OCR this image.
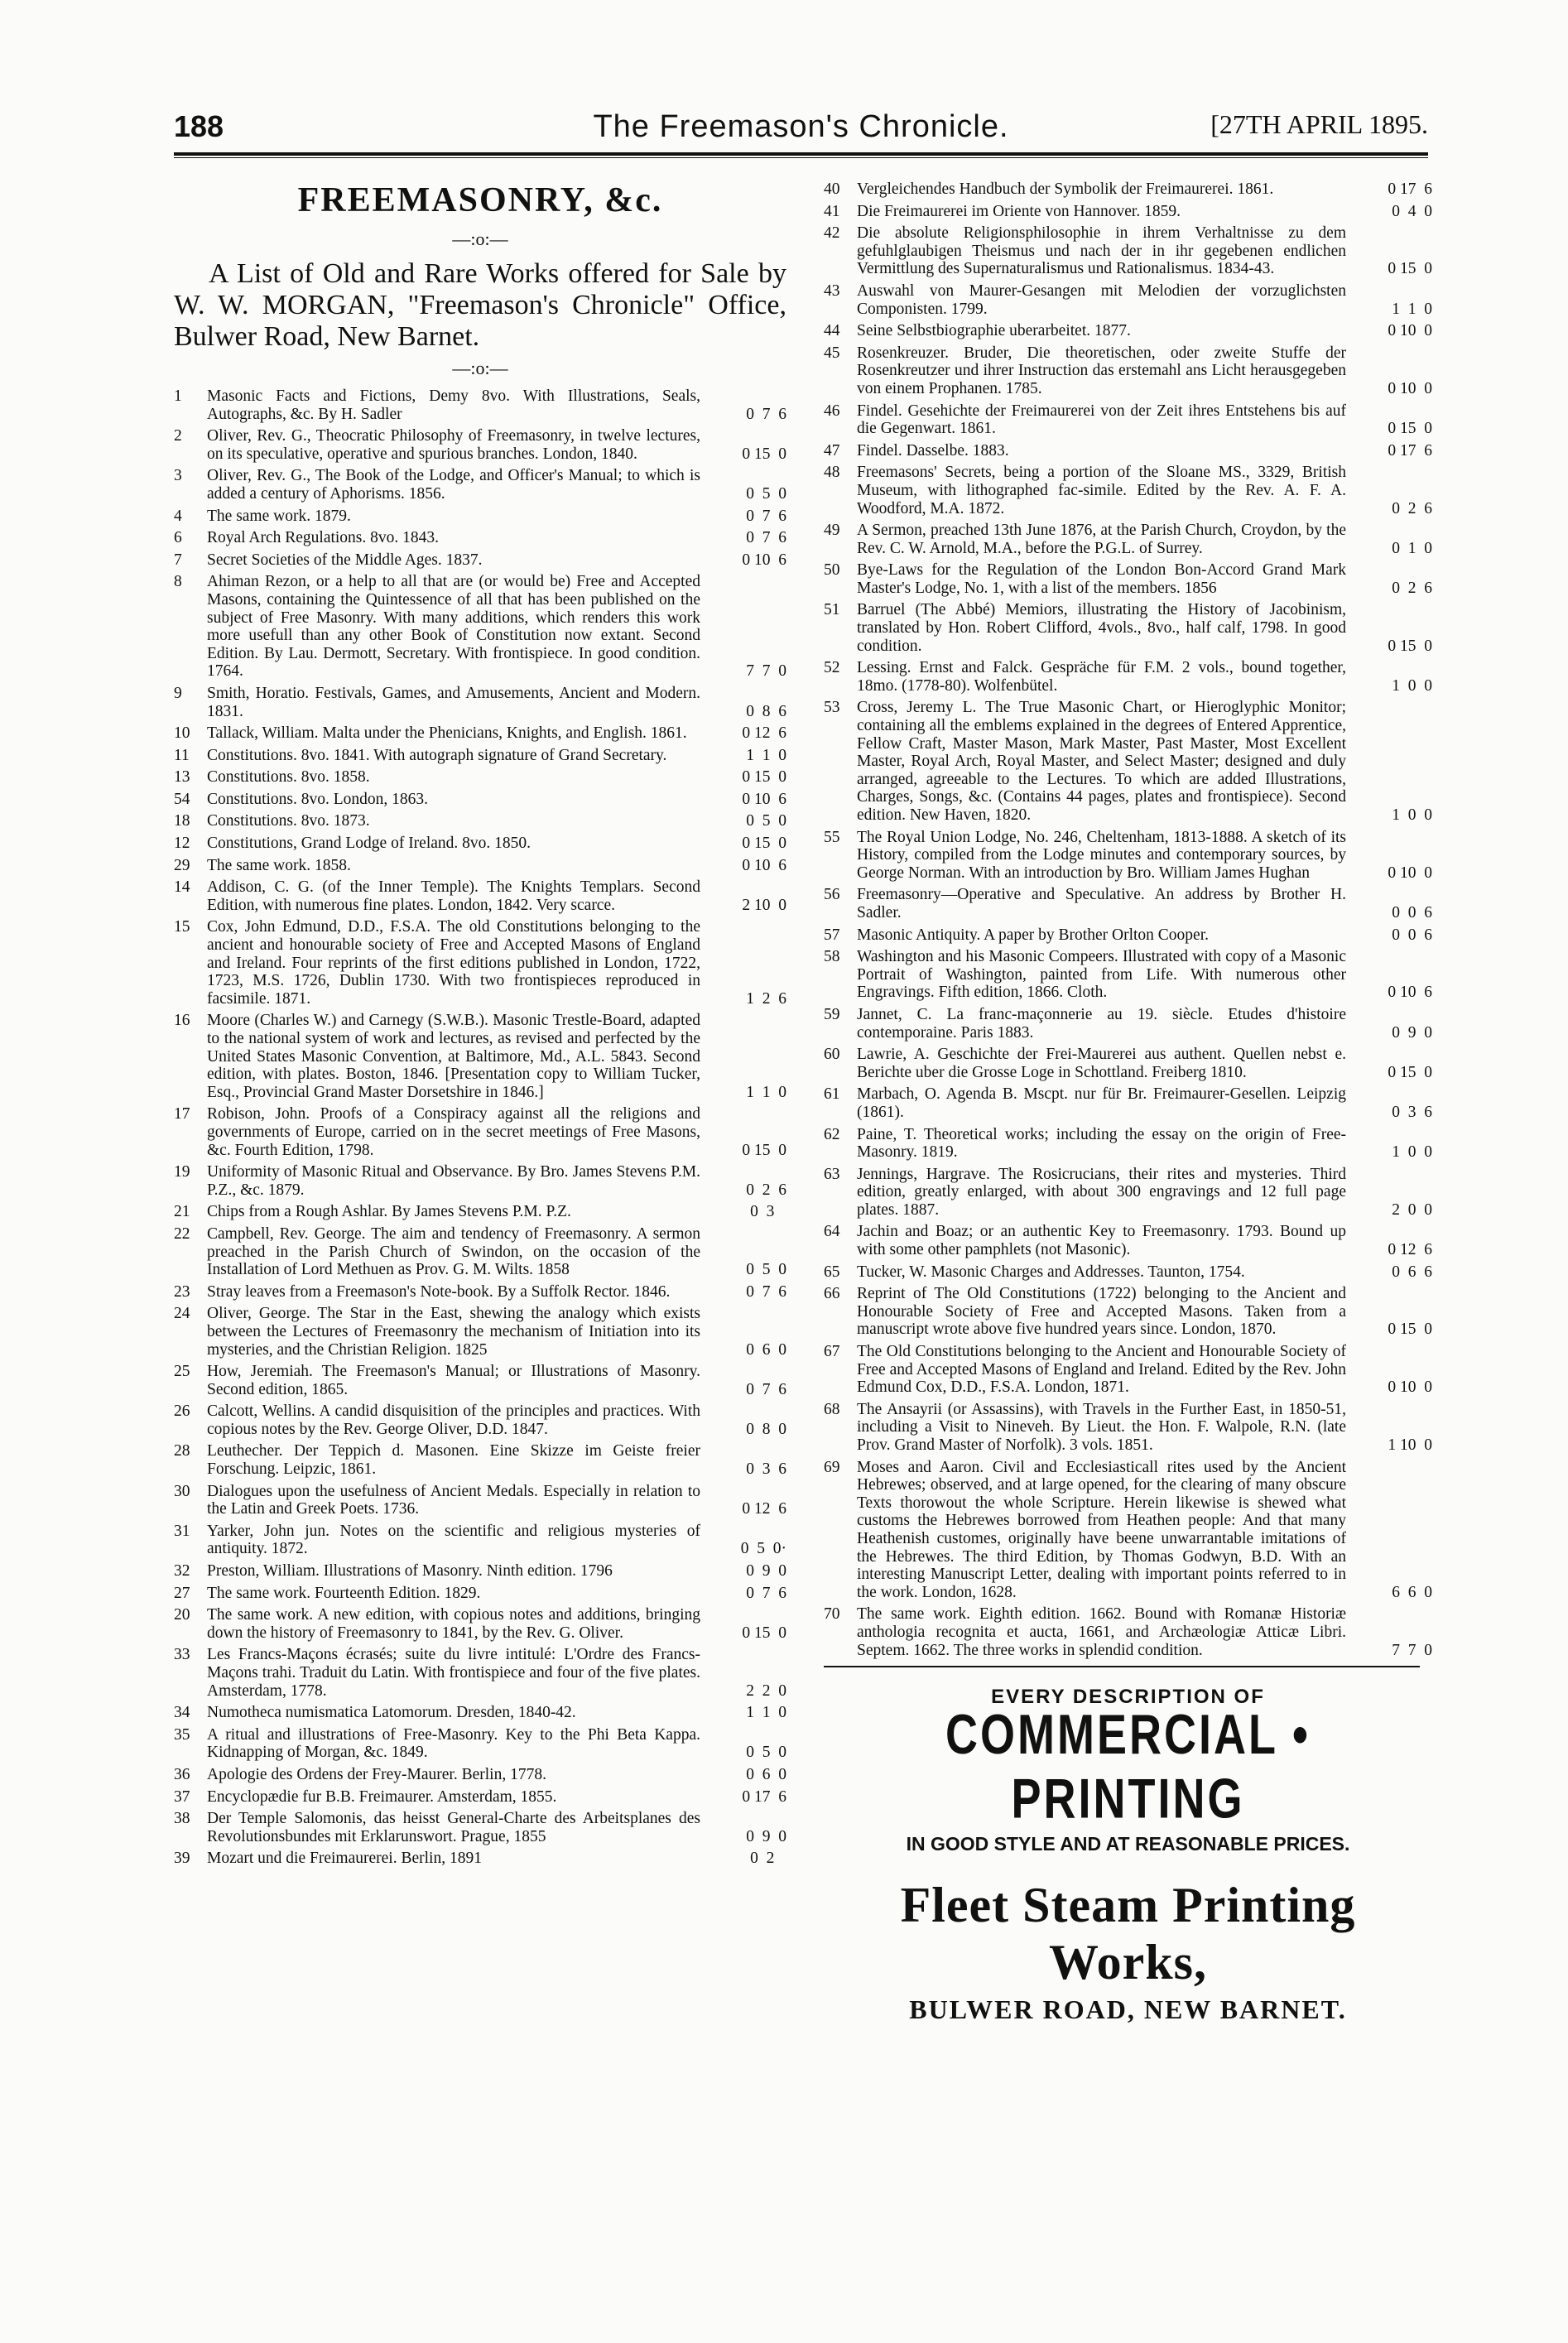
188	The Freemason's Chronicle.	[27TH APRIL 1895.
FREEMASONRY, &c.
—:o:—

A List of Old and Rare Works offered for Sale by W. W. MORGAN, "Freemason's Chronicle" Office, Bulwer Road, New Barnet.

—:o:—
1	Masonic Facts and Fictions, Demy 8vo. With Illustrations, Seals, Autographs, &c. By H. Sadler	0  7  6
2	Oliver, Rev. G., Theocratic Philosophy of Freemasonry, in twelve lectures, on its speculative, operative and spurious branches. London, 1840.	0 15  0
3	Oliver, Rev. G., The Book of the Lodge, and Officer's Manual; to which is added a century of Aphorisms. 1856.	0  5  0
4	The same work. 1879.	0  7  6
6	Royal Arch Regulations. 8vo. 1843.	0  7  6
7	Secret Societies of the Middle Ages. 1837.	0 10  6
8	Ahiman Rezon, or a help to all that are (or would be) Free and Accepted Masons, containing the Quintessence of all that has been published on the subject of Free Masonry. With many additions, which renders this work more usefull than any other Book of Constitution now extant. Second Edition. By Lau. Dermott, Secretary. With frontispiece. In good condition. 1764.	7  7  0
9	Smith, Horatio. Festivals, Games, and Amusements, Ancient and Modern. 1831.	0  8  6
10	Tallack, William. Malta under the Phenicians, Knights, and English. 1861.	0 12  6
11	Constitutions. 8vo. 1841. With autograph signature of Grand Secretary.	1  1  0
13	Constitutions. 8vo. 1858.	0 15  0
54	Constitutions. 8vo. London, 1863.	0 10  6
18	Constitutions. 8vo. 1873.	0  5  0
12	Constitutions, Grand Lodge of Ireland. 8vo. 1850.	0 15  0
29	The same work. 1858.	0 10  6
14	Addison, C. G. (of the Inner Temple). The Knights Templars. Second Edition, with numerous fine plates. London, 1842. Very scarce.	2 10  0
15	Cox, John Edmund, D.D., F.S.A. The old Constitutions belonging to the ancient and honourable society of Free and Accepted Masons of England and Ireland. Four reprints of the first editions published in London, 1722, 1723, M.S. 1726, Dublin 1730. With two frontispieces reproduced in facsimile. 1871.	1  2  6
16	Moore (Charles W.) and Carnegy (S.W.B.). Masonic Trestle-Board, adapted to the national system of work and lectures, as revised and perfected by the United States Masonic Convention, at Baltimore, Md., A.L. 5843. Second edition, with plates. Boston, 1846. [Presentation copy to William Tucker, Esq., Provincial Grand Master Dorsetshire in 1846.]	1  1  0
17	Robison, John. Proofs of a Conspiracy against all the religions and governments of Europe, carried on in the secret meetings of Free Masons, &c. Fourth Edition, 1798.	0 15  0
19	Uniformity of Masonic Ritual and Observance. By Bro. James Stevens P.M. P.Z., &c. 1879.	0  2  6
21	Chips from a Rough Ashlar. By James Stevens P.M. P.Z.	0  3
22	Campbell, Rev. George. The aim and tendency of Freemasonry. A sermon preached in the Parish Church of Swindon, on the occasion of the Installation of Lord Methuen as Prov. G. M. Wilts. 1858	0  5  0
23	Stray leaves from a Freemason's Note-book. By a Suffolk Rector. 1846.	0  7  6
24	Oliver, George. The Star in the East, shewing the analogy which exists between the Lectures of Freemasonry the mechanism of Initiation into its mysteries, and the Christian Religion. 1825	0  6  0
25	How, Jeremiah. The Freemason's Manual; or Illustrations of Masonry. Second edition, 1865.	0  7  6
26	Calcott, Wellins. A candid disquisition of the principles and practices. With copious notes by the Rev. George Oliver, D.D. 1847.	0  8  0
28	Leuthecher. Der Teppich d. Masonen. Eine Skizze im Geiste freier Forschung. Leipzic, 1861.	0  3  6
30	Dialogues upon the usefulness of Ancient Medals. Especially in relation to the Latin and Greek Poets. 1736.	0 12  6
31	Yarker, John jun. Notes on the scientific and religious mysteries of antiquity. 1872.	0  5  0·
32	Preston, William. Illustrations of Masonry. Ninth edition. 1796	0  9  0
27	The same work. Fourteenth Edition. 1829.	0  7  6
20	The same work. A new edition, with copious notes and additions, bringing down the history of Freemasonry to 1841, by the Rev. G. Oliver.	0 15  0
33	Les Francs-Maçons écrasés; suite du livre intitulé: L'Ordre des Francs-Maçons trahi. Traduit du Latin. With frontispiece and four of the five plates. Amsterdam, 1778.	2  2  0
34	Numotheca numismatica Latomorum. Dresden, 1840-42.	1  1  0
35	A ritual and illustrations of Free-Masonry. Key to the Phi Beta Kappa. Kidnapping of Morgan, &c. 1849.	0  5  0
36	Apologie des Ordens der Frey-Maurer. Berlin, 1778.	0  6  0
37	Encyclopædie fur B.B. Freimaurer. Amsterdam, 1855.	0 17  6
38	Der Temple Salomonis, das heisst General-Charte des Arbeitsplanes des Revolutionsbundes mit Erklarunswort. Prague, 1855	0  9  0
39	Mozart und die Freimaurerei. Berlin, 1891	0  2
40	Vergleichendes Handbuch der Symbolik der Freimaurerei. 1861.	0 17  6
41	Die Freimaurerei im Oriente von Hannover. 1859.	0  4  0
42	Die absolute Religionsphilosophie in ihrem Verhaltnisse zu dem gefuhlglaubigen Theismus und nach der in ihr gegebenen endlichen Vermittlung des Supernaturalismus und Rationalismus. 1834-43.	0 15  0
43	Auswahl von Maurer-Gesangen mit Melodien der vorzuglichsten Componisten. 1799.	1  1  0
44	Seine Selbstbiographie uberarbeitet. 1877.	0 10  0
45	Rosenkreuzer. Bruder, Die theoretischen, oder zweite Stuffe der Rosenkreutzer und ihrer Instruction das erstemahl ans Licht herausgegeben von einem Prophanen. 1785.	0 10  0
46	Findel. Gesehichte der Freimaurerei von der Zeit ihres Entstehens bis auf die Gegenwart. 1861.	0 15  0
47	Findel. Dasselbe. 1883.	0 17  6
48	Freemasons' Secrets, being a portion of the Sloane MS., 3329, British Museum, with lithographed fac-simile. Edited by the Rev. A. F. A. Woodford, M.A. 1872.	0  2  6
49	A Sermon, preached 13th June 1876, at the Parish Church, Croydon, by the Rev. C. W. Arnold, M.A., before the P.G.L. of Surrey.	0  1  0
50	Bye-Laws for the Regulation of the London Bon-Accord Grand Mark Master's Lodge, No. 1, with a list of the members. 1856	0  2  6
51	Barruel (The Abbé) Memiors, illustrating the History of Jacobinism, translated by Hon. Robert Clifford, 4vols., 8vo., half calf, 1798. In good condition.	0 15  0
52	Lessing. Ernst and Falck. Gespräche für F.M. 2 vols., bound together, 18mo. (1778-80). Wolfenbütel.	1  0  0
53	Cross, Jeremy L. The True Masonic Chart, or Hieroglyphic Monitor; containing all the emblems explained in the degrees of Entered Apprentice, Fellow Craft, Master Mason, Mark Master, Past Master, Most Excellent Master, Royal Arch, Royal Master, and Select Master; designed and duly arranged, agreeable to the Lectures. To which are added Illustrations, Charges, Songs, &c. (Contains 44 pages, plates and frontispiece). Second edition. New Haven, 1820.	1  0  0
55	The Royal Union Lodge, No. 246, Cheltenham, 1813-1888. A sketch of its History, compiled from the Lodge minutes and contemporary sources, by George Norman. With an introduction by Bro. William James Hughan	0 10  0
56	Freemasonry—Operative and Speculative. An address by Brother H. Sadler.	0  0  6
57	Masonic Antiquity. A paper by Brother Orlton Cooper.	0  0  6
58	Washington and his Masonic Compeers. Illustrated with copy of a Masonic Portrait of Washington, painted from Life. With numerous other Engravings. Fifth edition, 1866. Cloth.	0 10  6
59	Jannet, C. La franc-maçonnerie au 19. siècle. Etudes d'histoire contemporaine. Paris 1883.	0  9  0
60	Lawrie, A. Geschichte der Frei-Maurerei aus authent. Quellen nebst e. Berichte uber die Grosse Loge in Schottland. Freiberg 1810.	0 15  0
61	Marbach, O. Agenda B. Mscpt. nur für Br. Freimaurer-Gesellen. Leipzig (1861).	0  3  6
62	Paine, T. Theoretical works; including the essay on the origin of Free-Masonry. 1819.	1  0  0
63	Jennings, Hargrave. The Rosicrucians, their rites and mysteries. Third edition, greatly enlarged, with about 300 engravings and 12 full page plates. 1887.	2  0  0
64	Jachin and Boaz; or an authentic Key to Freemasonry. 1793. Bound up with some other pamphlets (not Masonic).	0 12  6
65	Tucker, W. Masonic Charges and Addresses. Taunton, 1754.	0  6  6
66	Reprint of The Old Constitutions (1722) belonging to the Ancient and Honourable Society of Free and Accepted Masons. Taken from a manuscript wrote above five hundred years since. London, 1870.	0 15  0
67	The Old Constitutions belonging to the Ancient and Honourable Society of Free and Accepted Masons of England and Ireland. Edited by the Rev. John Edmund Cox, D.D., F.S.A. London, 1871.	0 10  0
68	The Ansayrii (or Assassins), with Travels in the Further East, in 1850-51, including a Visit to Nineveh. By Lieut. the Hon. F. Walpole, R.N. (late Prov. Grand Master of Norfolk). 3 vols. 1851.	1 10  0
69	Moses and Aaron. Civil and Ecclesiasticall rites used by the Ancient Hebrewes; observed, and at large opened, for the clearing of many obscure Texts thorowout the whole Scripture. Herein likewise is shewed what customs the Hebrewes borrowed from Heathen people: And that many Heathenish customes, originally have beene unwarrantable imitations of the Hebrewes. The third Edition, by Thomas Godwyn, B.D. With an interesting Manuscript Letter, dealing with important points referred to in the work. London, 1628.	6  6  0
70	The same work. Eighth edition. 1662. Bound with Romanæ Historiæ anthologia recognita et aucta, 1661, and Archæologiæ Atticæ Libri. Septem. 1662. The three works in splendid condition.	7  7  0
EVERY DESCRIPTION OF
COMMERCIAL • PRINTING
IN GOOD STYLE AND AT REASONABLE PRICES.
Fleet Steam Printing Works,
BULWER ROAD, NEW BARNET.
